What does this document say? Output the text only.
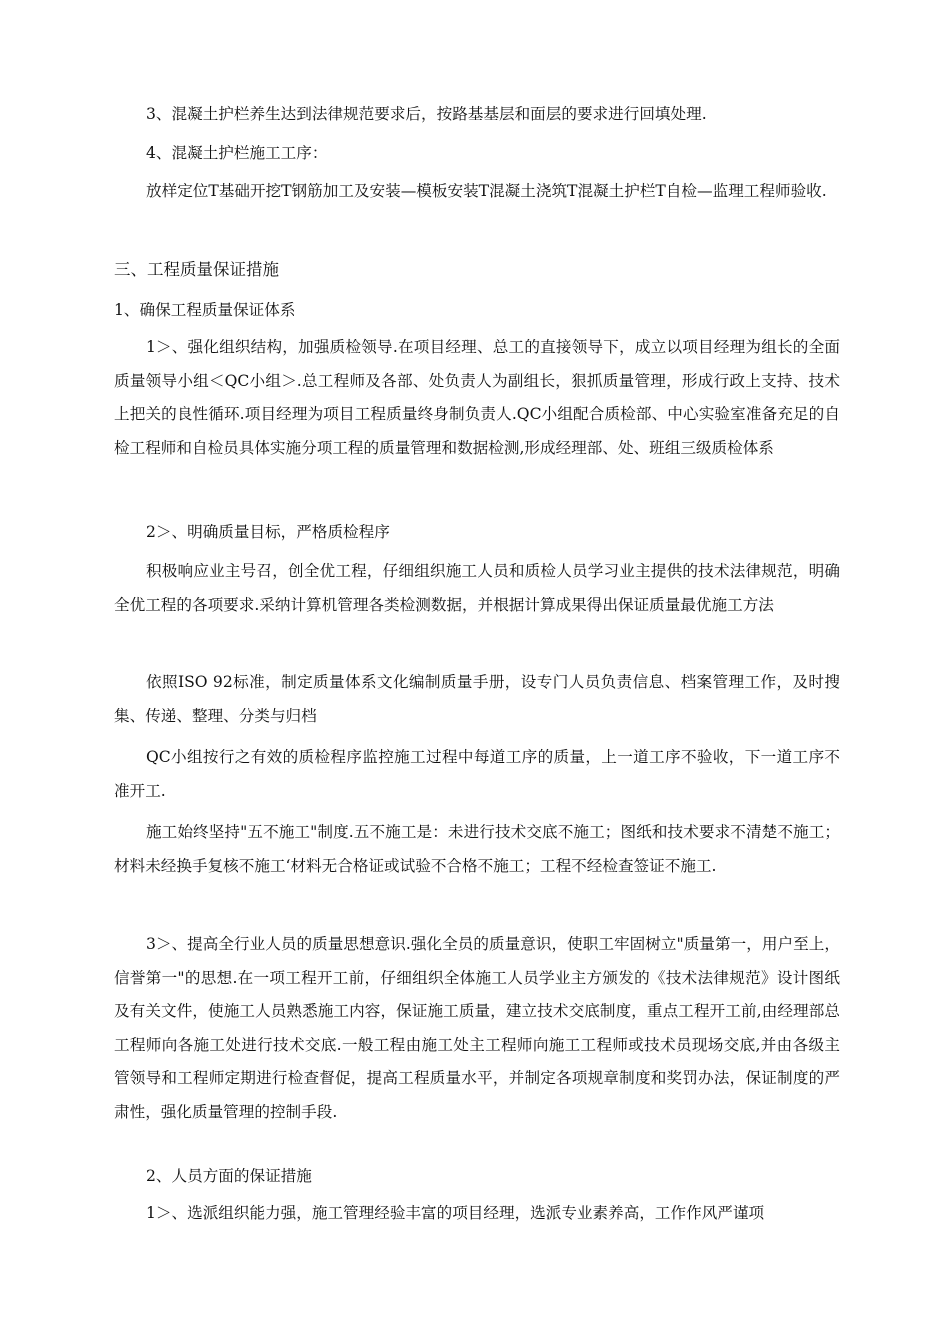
3、混凝土护栏养生达到法律规范要求后，按路基基层和面层的要求进行回填处理.

4、混凝土护栏施工工序：

放样定位T基础开挖T钢筋加工及安装—模板安装T混凝土浇筑T混凝土护栏T自检—监理工程师验收.

三、工程质量保证措施

1、确保工程质量保证体系

1＞、强化组织结构，加强质检领导.在项目经理、总工的直接领导下，成立以项目经理为组长的全面质量领导小组＜QC小组＞.总工程师及各部、处负责人为副组长，狠抓质量管理，形成行政上支持、技术上把关的良性循环.项目经理为项目工程质量终身制负责人.QC小组配合质检部、中心实验室准备充足的自检工程师和自检员具体实施分项工程的质量管理和数据检测,形成经理部、处、班组三级质检体系

2＞、明确质量目标，严格质检程序

积极响应业主号召，创全优工程，仔细组织施工人员和质检人员学习业主提供的技术法律规范，明确全优工程的各项要求.采纳计算机管理各类检测数据，并根据计算成果得出保证质量最优施工方法

依照ISO 92标准，制定质量体系文化编制质量手册，设专门人员负责信息、档案管理工作，及时搜集、传递、整理、分类与归档

QC小组按行之有效的质检程序监控施工过程中每道工序的质量，上一道工序不验收，下一道工序不准开工.

施工始终坚持"五不施工"制度.五不施工是：未进行技术交底不施工；图纸和技术要求不清楚不施工；材料未经换手复核不施工‘材料无合格证或试验不合格不施工；工程不经检查签证不施工.

3＞、提高全行业人员的质量思想意识.强化全员的质量意识，使职工牢固树立"质量第一，用户至上，信誉第一"的思想.在一项工程开工前，仔细组织全体施工人员学业主方颁发的《技术法律规范》设计图纸及有关文件，使施工人员熟悉施工内容，保证施工质量，建立技术交底制度，重点工程开工前,由经理部总工程师向各施工处进行技术交底.一般工程由施工处主工程师向施工工程师或技术员现场交底,并由各级主管领导和工程师定期进行检查督促，提高工程质量水平，并制定各项规章制度和奖罚办法，保证制度的严肃性，强化质量管理的控制手段.

2、人员方面的保证措施

1＞、选派组织能力强，施工管理经验丰富的项目经理，选派专业素养高，工作作风严谨项
